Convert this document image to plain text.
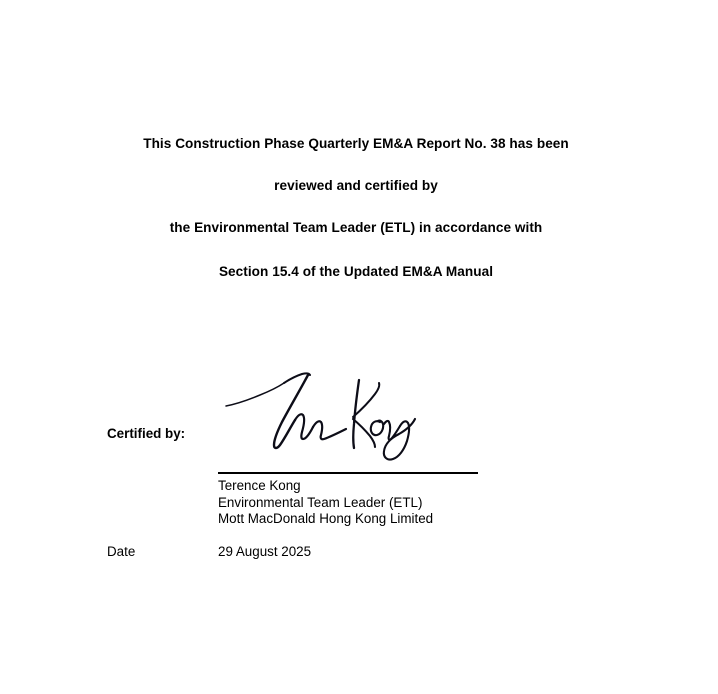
This Construction Phase Quarterly EM&A Report No. 38 has been
reviewed and certified by
the Environmental Team Leader (ETL) in accordance with
Section 15.4 of the Updated EM&A Manual
Certified by:
Terence Kong
Environmental Team Leader (ETL)
Mott MacDonald Hong Kong Limited
Date	29 August 2025
